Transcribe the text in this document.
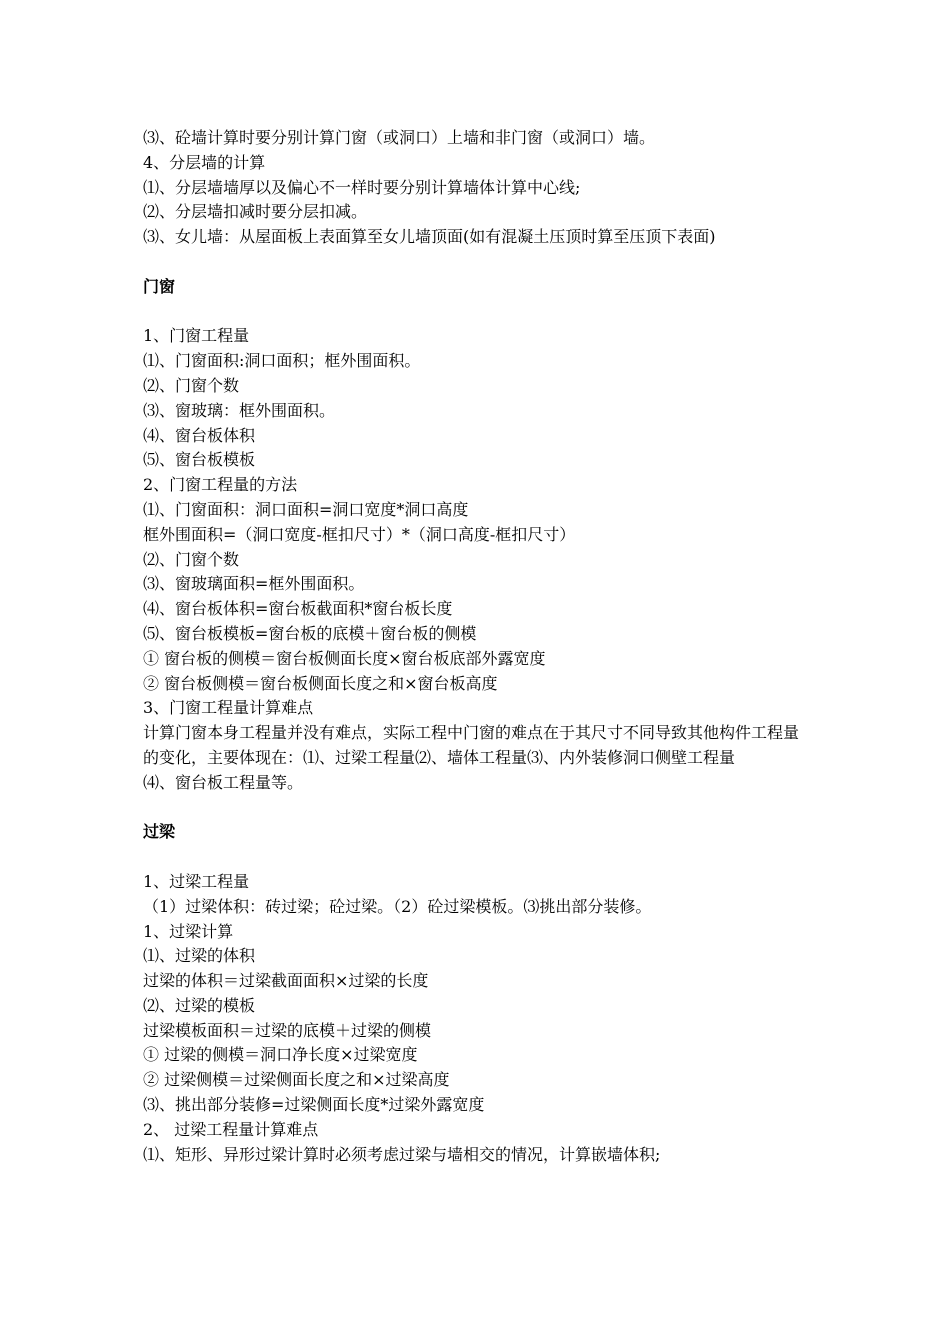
⑶、砼墙计算时要分别计算门窗（或洞口）上墙和非门窗（或洞口）墙。
4、分层墙的计算
⑴、分层墙墙厚以及偏心不一样时要分别计算墙体计算中心线;
⑵、分层墙扣减时要分层扣减。
⑶、女儿墙：从屋面板上表面算至女儿墙顶面(如有混凝土压顶时算至压顶下表面)
门窗
1、门窗工程量
⑴、门窗面积:洞口面积；框外围面积。
⑵、门窗个数
⑶、窗玻璃：框外围面积。
⑷、窗台板体积
⑸、窗台板模板
2、门窗工程量的方法
⑴、门窗面积：洞口面积=洞口宽度*洞口高度
框外围面积=（洞口宽度-框扣尺寸）*（洞口高度-框扣尺寸）
⑵、门窗个数
⑶、窗玻璃面积=框外围面积。
⑷、窗台板体积=窗台板截面积*窗台板长度
⑸、窗台板模板=窗台板的底模＋窗台板的侧模
① 窗台板的侧模＝窗台板侧面长度×窗台板底部外露宽度
② 窗台板侧模＝窗台板侧面长度之和×窗台板高度
3、门窗工程量计算难点
计算门窗本身工程量并没有难点，实际工程中门窗的难点在于其尺寸不同导致其他构件工程量的变化，主要体现在：⑴、过梁工程量⑵、墙体工程量⑶、内外装修洞口侧壁工程量
⑷、窗台板工程量等。
过梁
1、过梁工程量
（1）过梁体积：砖过梁；砼过梁。（2）砼过梁模板。⑶挑出部分装修。
1、过梁计算
⑴、过梁的体积
过梁的体积＝过梁截面面积×过梁的长度
⑵、过梁的模板
过梁模板面积＝过梁的底模＋过梁的侧模
① 过梁的侧模＝洞口净长度×过梁宽度
② 过梁侧模＝过梁侧面长度之和×过梁高度
⑶、挑出部分装修=过梁侧面长度*过梁外露宽度
2、 过梁工程量计算难点
⑴、矩形、异形过梁计算时必须考虑过梁与墙相交的情况，计算嵌墙体积;
